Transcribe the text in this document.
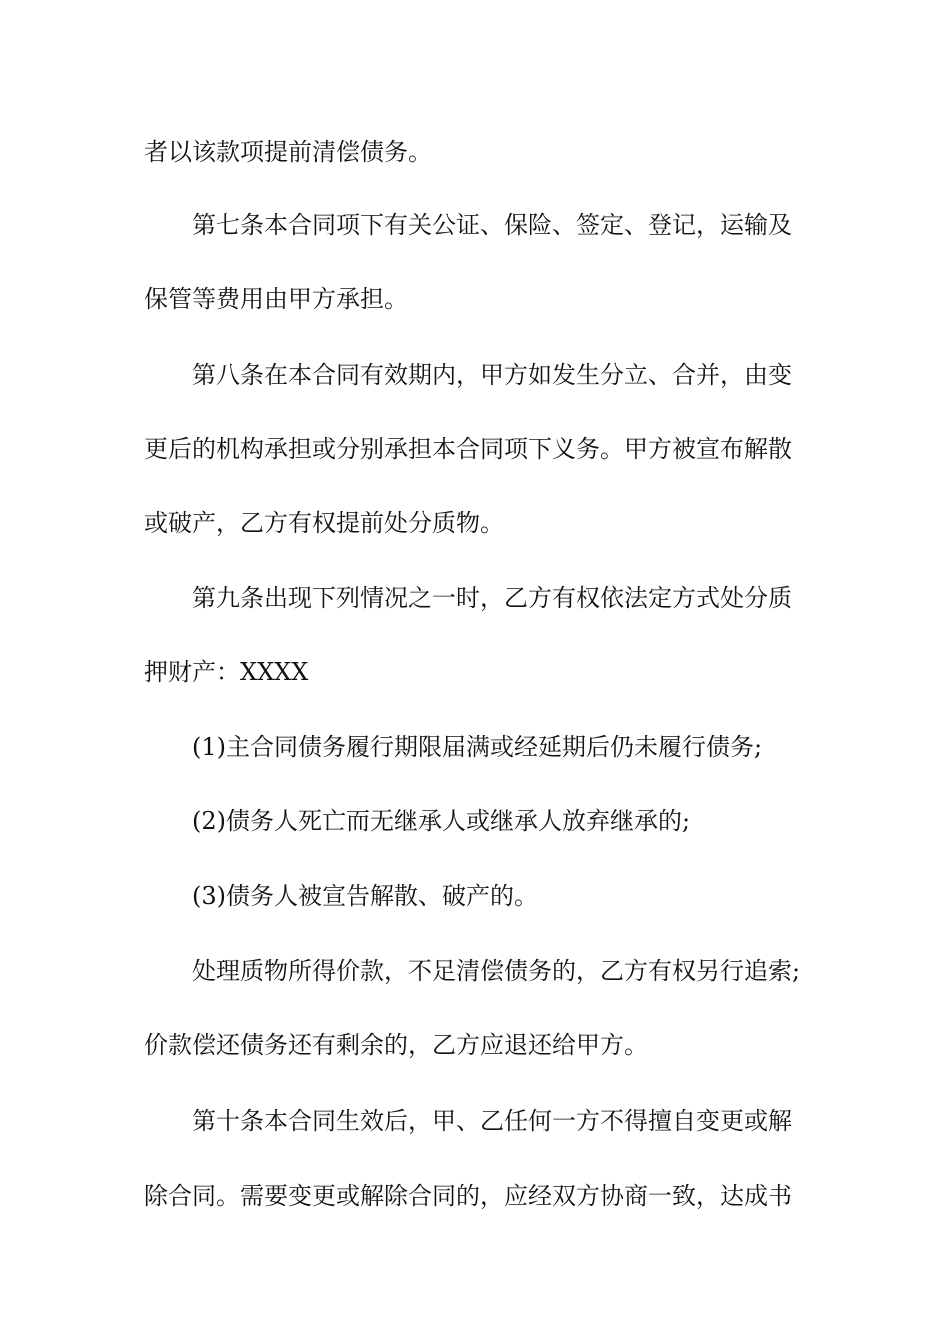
者以该款项提前清偿债务。
第七条本合同项下有关公证、保险、签定、登记，运输及
保管等费用由甲方承担。
第八条在本合同有效期内，甲方如发生分立、合并，由变
更后的机构承担或分别承担本合同项下义务。甲方被宣布解散
或破产，乙方有权提前处分质物。
第九条出现下列情况之一时，乙方有权依法定方式处分质
押财产：XXXX
(1)主合同债务履行期限届满或经延期后仍未履行债务;
(2)债务人死亡而无继承人或继承人放弃继承的;
(3)债务人被宣告解散、破产的。
处理质物所得价款，不足清偿债务的，乙方有权另行追索;
价款偿还债务还有剩余的，乙方应退还给甲方。
第十条本合同生效后，甲、乙任何一方不得擅自变更或解
除合同。需要变更或解除合同的，应经双方协商一致，达成书
